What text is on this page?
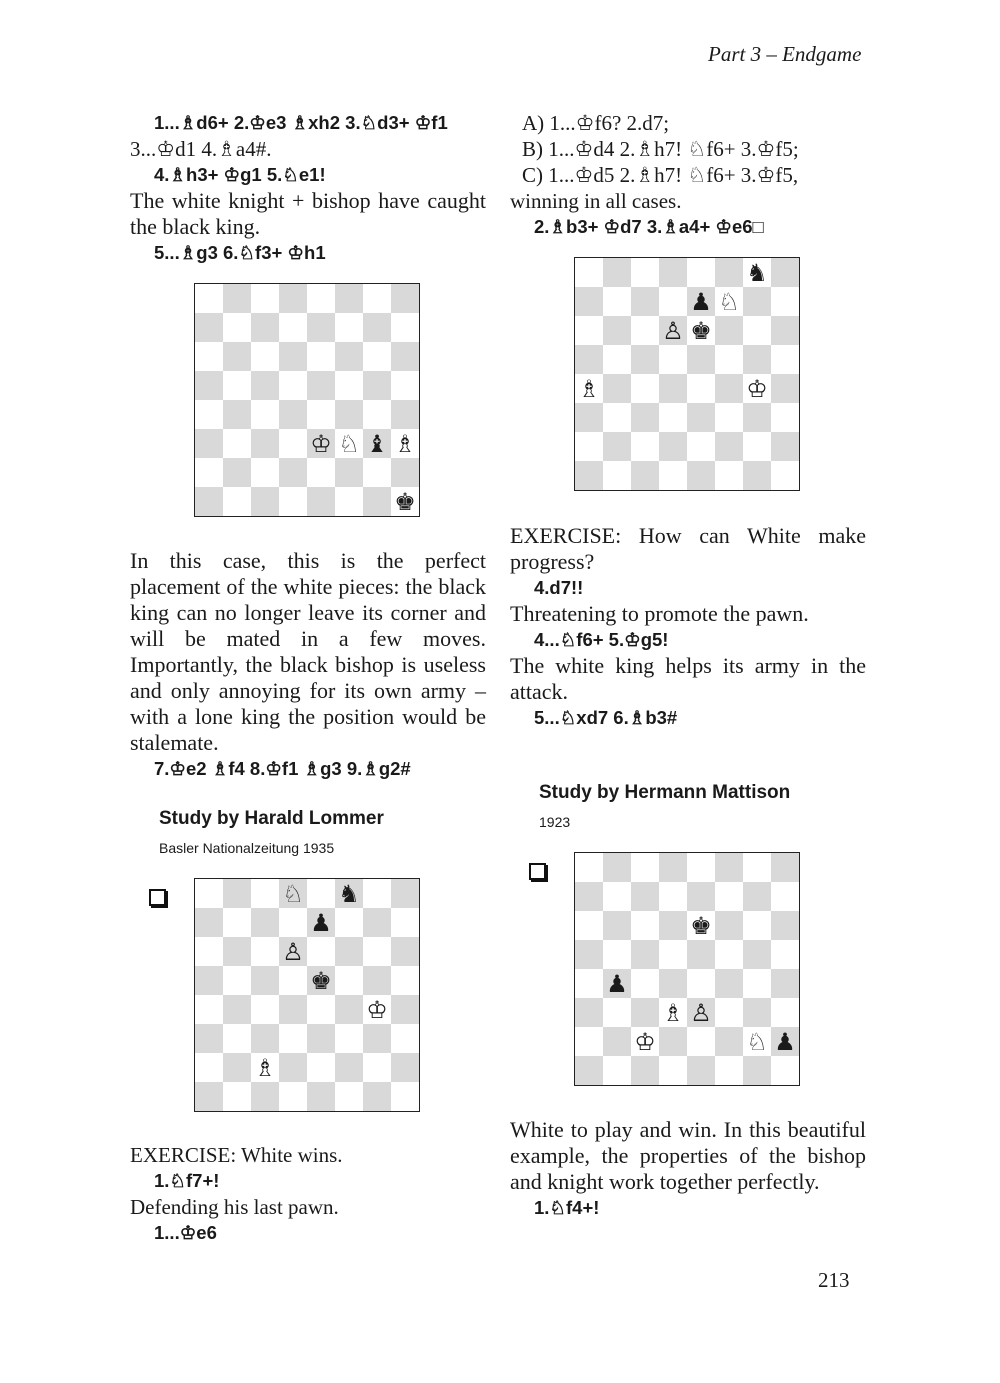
Part 3 – Endgame

1...♗d6+ 2.♔e3 ♗xh2 3.♘d3+ ♔f1

3...♔d1 4.♗a4#.

4.♗h3+ ♔g1 5.♘e1!

The white knight + bishop have caught the black king.

5...♗g3 6.♘f3+ ♔h1

♔ ♘ ♝ ♗
♚

In this case, this is the perfect placement of the white pieces: the black king can no longer leave its corner and will be mated in a few moves. Importantly, the black bishop is useless and only annoying for its own army – with a lone king the position would be stalemate.

7.♔e2 ♗f4 8.♔f1 ♗g3 9.♗g2#

Study by Harald Lommer
Basler Nationalzeitung 1935
♘ ♞
♟
♙
♚
♔
♗

EXERCISE: White wins.

1.♘f7+!

Defending his last pawn.

1...♔e6

A) 1...♔f6? 2.d7;

B) 1...♔d4 2.♗h7! ♘f6+ 3.♔f5;

C) 1...♔d5 2.♗h7! ♘f6+ 3.♔f5,

winning in all cases.

2.♗b3+ ♔d7 3.♗a4+ ♔e6□

♞
♟ ♘
♙ ♚
♗	♔

EXERCISE: How can White make progress?

4.d7!!

Threatening to promote the pawn.

4...♘f6+ 5.♔g5!

The white king helps its army in the attack.

5...♘xd7 6.♗b3#

Study by Hermann Mattison
1923
♚
♟
♗ ♙
♔	♘ ♟

White to play and win. In this beautiful example, the properties of the bishop and knight work together perfectly.

1.♘f4+!

213
